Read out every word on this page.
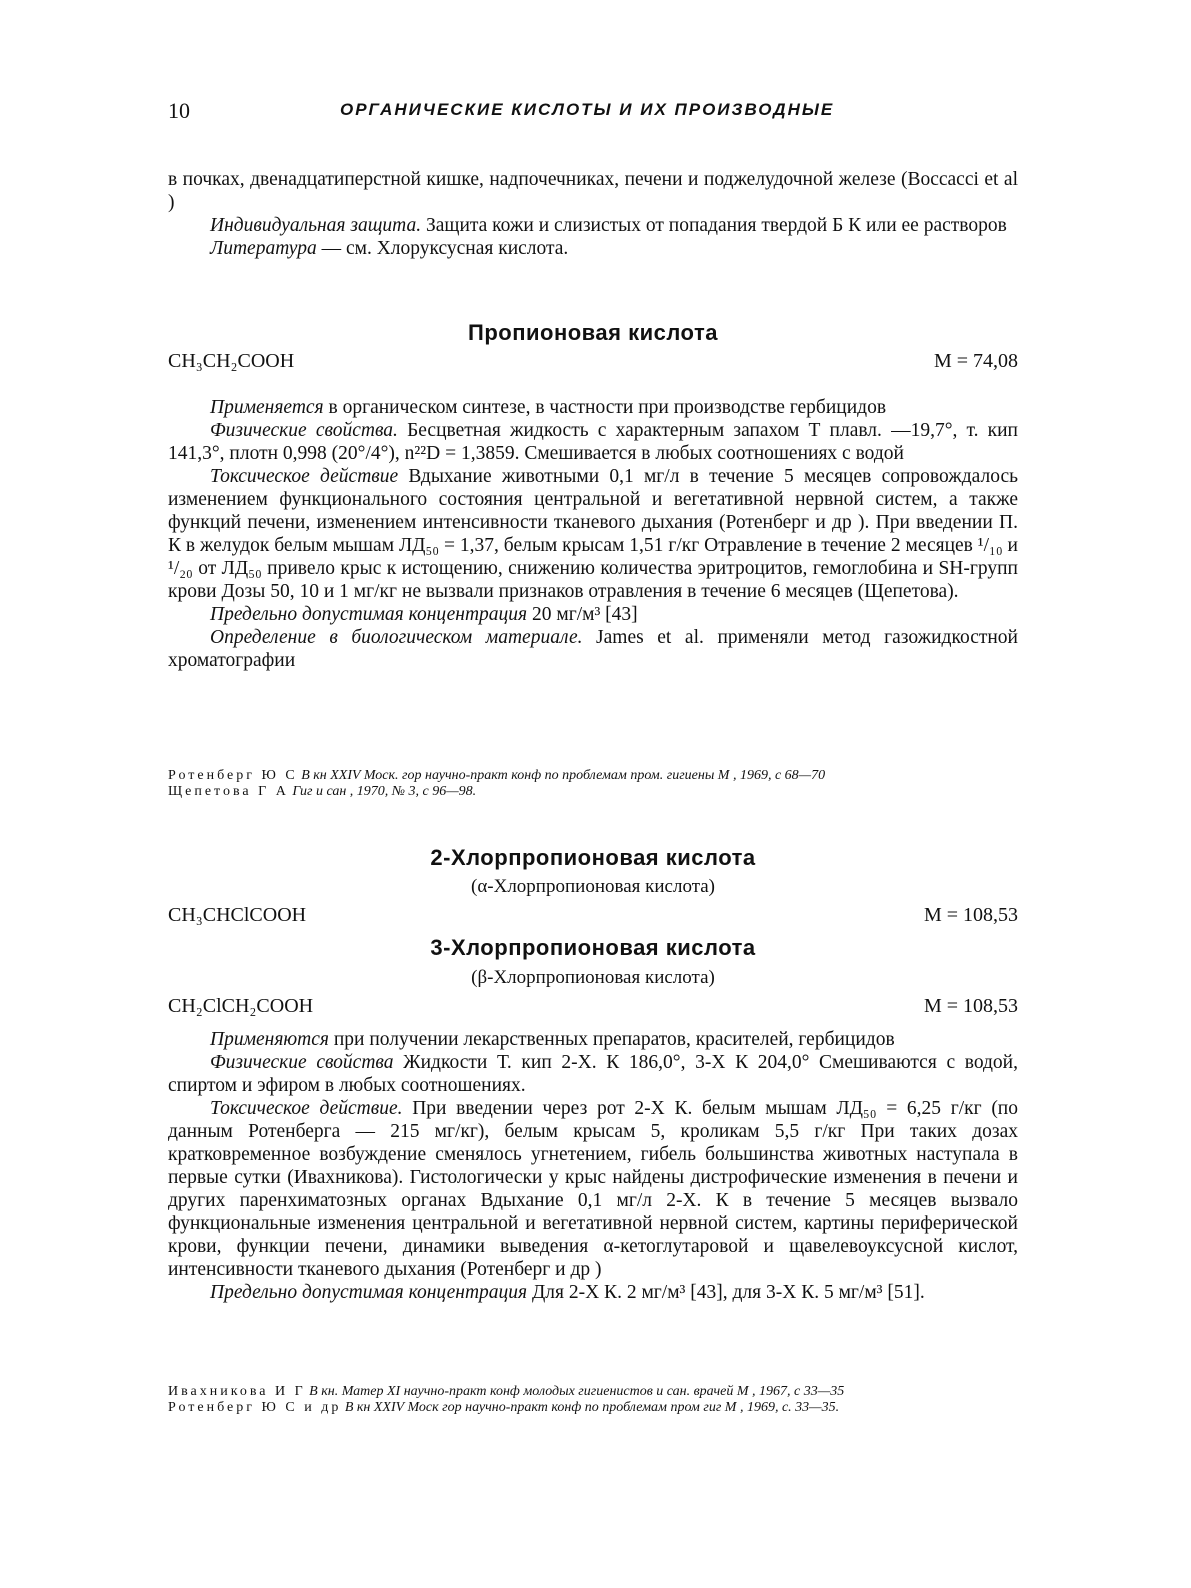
10	ОРГАНИЧЕСКИЕ КИСЛОТЫ И ИХ ПРОИЗВОДНЫЕ

в почках, двенадцатиперстной кишке, надпочечниках, печени и поджелудочной железе (Boccacci et al )

Индивидуальная защита. Защита кожи и слизистых от попадания твердой Б К или ее растворов

Литература — см. Хлоруксусная кислота.

Пропионовая кислота
CH₃CH₂COOH	M = 74,08

Применяется в органическом синтезе, в частности при производстве гербицидов

Физические свойства. Бесцветная жидкость с характерным запахом Т плавл. —19,7°, т. кип 141,3°, плотн 0,998 (20°/4°), n²²D = 1,3859. Смешивается в любых соотношениях с водой

Токсическое действие Вдыхание животными 0,1 мг/л в течение 5 месяцев сопровождалось изменением функционального состояния центральной и вегетативной нервной систем, а также функций печени, изменением интенсивности тканевого дыхания (Ротенберг и др ). При введении П. К в желудок белым мышам ЛД₅₀ = 1,37, белым крысам 1,51 г/кг Отравление в течение 2 месяцев ¹/₁₀ и ¹/₂₀ от ЛД₅₀ привело крыс к истощению, снижению количества эритроцитов, гемоглобина и SH-групп крови Дозы 50, 10 и 1 мг/кг не вызвали признаков отравления в течение 6 месяцев (Щепетова).

Предельно допустимая концентрация 20 мг/м³ [43]

Определение в биологическом материале. James et al. применяли метод газожидкостной хроматографии

Ротенберг Ю С В кн XXIV Моск. гор научно-практ конф по проблемам пром. гигиены М , 1969, с 68—70

Щепетова Г А Гиг и сан , 1970, № 3, с 96—98.

2-Хлорпропионовая кислота
(α-Хлорпропионовая кислота)
CH₃CHClCOOH	M = 108,53
3-Хлорпропионовая кислота
(β-Хлорпропионовая кислота)
CH₂ClCH₂COOH	M = 108,53

Применяются при получении лекарственных препаратов, красителей, гербицидов

Физические свойства Жидкости Т. кип 2-Х. К 186,0°, 3-Х К 204,0° Смешиваются с водой, спиртом и эфиром в любых соотношениях.

Токсическое действие. При введении через рот 2-Х К. белым мышам ЛД₅₀ = 6,25 г/кг (по данным Ротенберга — 215 мг/кг), белым крысам 5, кроликам 5,5 г/кг При таких дозах кратковременное возбуждение сменялось угнетением, гибель большинства животных наступала в первые сутки (Ивахникова). Гистологически у крыс найдены дистрофические изменения в печени и других паренхиматозных органах Вдыхание 0,1 мг/л 2-Х. К в течение 5 месяцев вызвало функциональные изменения центральной и вегетативной нервной систем, картины периферической крови, функции печени, динамики выведения α-кетоглутаровой и щавелевоуксусной кислот, интенсивности тканевого дыхания (Ротенберг и др )

Предельно допустимая концентрация Для 2-Х К. 2 мг/м³ [43], для 3-Х К. 5 мг/м³ [51].

Ивахникова И Г В кн. Матер XI научно-практ конф молодых гигиенистов и сан. врачей М , 1967, с 33—35

Ротенберг Ю С и др В кн XXIV Моск гор научно-практ конф по проблемам пром гиг М , 1969, с. 33—35.
